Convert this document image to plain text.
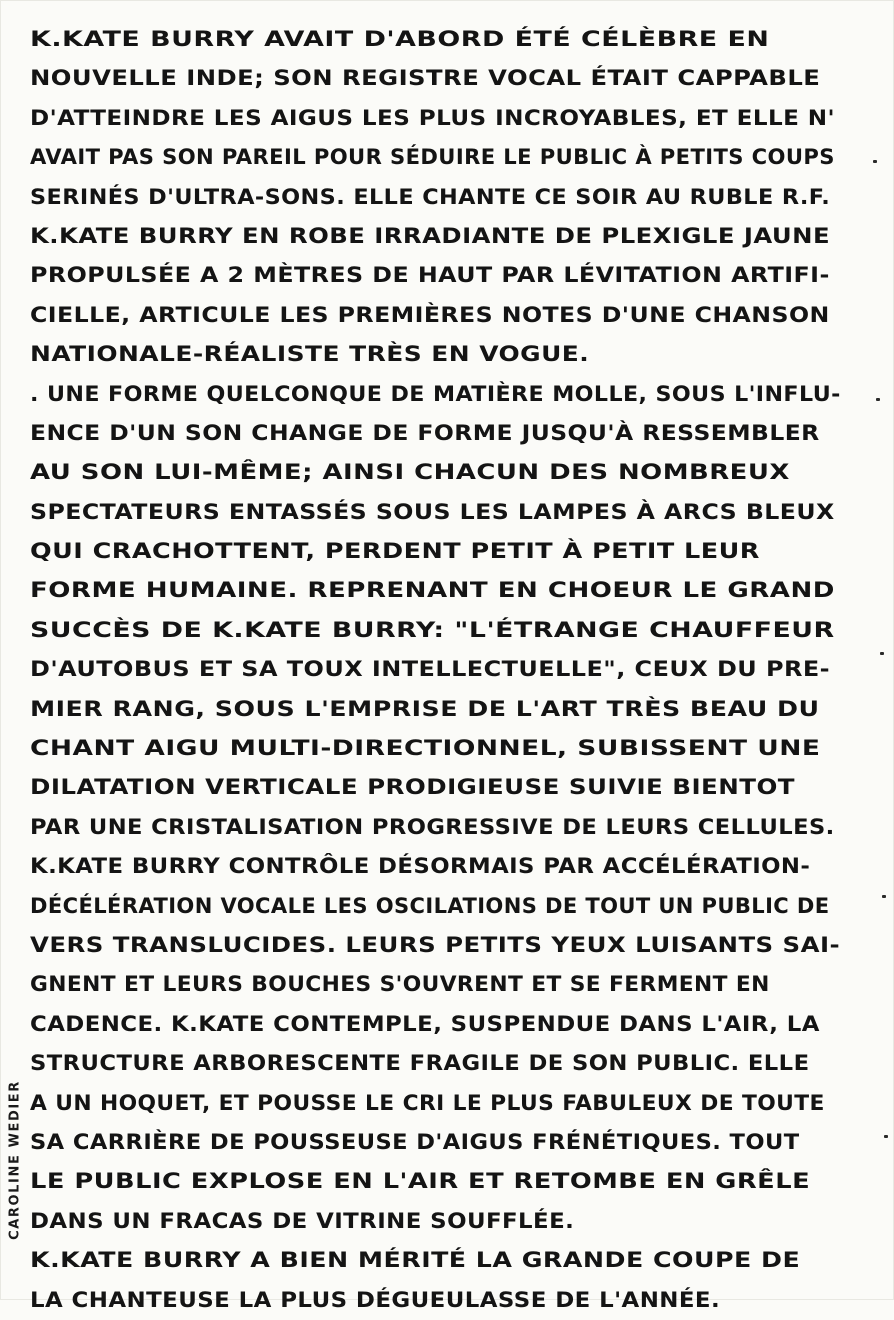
K.KATE BURRY AVAIT D'ABORD ÉTÉ CÉLÈBRE EN
NOUVELLE INDE; SON REGISTRE VOCAL ÉTAIT CAPPABLE
D'ATTEINDRE LES AIGUS LES PLUS INCROYABLES, ET ELLE N'
AVAIT PAS SON PAREIL POUR SÉDUIRE LE PUBLIC À PETITS COUPS
SERINÉS D'ULTRA-SONS. ELLE CHANTE CE SOIR AU RUBLE R.F.
K.KATE BURRY EN ROBE IRRADIANTE DE PLEXIGLE JAUNE
PROPULSÉE A 2 MÈTRES DE HAUT PAR LÉVITATION ARTIFI-
CIELLE, ARTICULE LES PREMIÈRES NOTES D'UNE CHANSON
NATIONALE-RÉALISTE TRÈS EN VOGUE.
. UNE FORME QUELCONQUE DE MATIÈRE MOLLE, SOUS L'INFLU-
ENCE D'UN SON CHANGE DE FORME JUSQU'À RESSEMBLER
AU SON LUI-MÊME; AINSI CHACUN DES NOMBREUX
SPECTATEURS ENTASSÉS SOUS LES LAMPES À ARCS BLEUX
QUI CRACHOTTENT, PERDENT PETIT À PETIT LEUR
FORME HUMAINE. REPRENANT EN CHOEUR LE GRAND
SUCCÈS DE K.KATE BURRY: "L'ÉTRANGE CHAUFFEUR
D'AUTOBUS ET SA TOUX INTELLECTUELLE", CEUX DU PRE-
MIER RANG, SOUS L'EMPRISE DE L'ART TRÈS BEAU DU
CHANT AIGU MULTI-DIRECTIONNEL, SUBISSENT UNE
DILATATION VERTICALE PRODIGIEUSE SUIVIE BIENTOT
PAR UNE CRISTALISATION PROGRESSIVE DE LEURS CELLULES.
K.KATE BURRY CONTRÔLE DÉSORMAIS PAR ACCÉLÉRATION-
DÉCÉLÉRATION VOCALE LES OSCILATIONS DE TOUT UN PUBLIC DE
VERS TRANSLUCIDES. LEURS PETITS YEUX LUISANTS SAI-
GNENT ET LEURS BOUCHES S'OUVRENT ET SE FERMENT EN
CADENCE. K.KATE CONTEMPLE, SUSPENDUE DANS L'AIR, LA
STRUCTURE ARBORESCENTE FRAGILE DE SON PUBLIC. ELLE
A UN HOQUET, ET POUSSE LE CRI LE PLUS FABULEUX DE TOUTE
SA CARRIÈRE DE POUSSEUSE D'AIGUS FRÉNÉTIQUES. TOUT
LE PUBLIC EXPLOSE EN L'AIR ET RETOMBE EN GRÊLE
DANS UN FRACAS DE VITRINE SOUFFLÉE.
K.KATE BURRY A BIEN MÉRITÉ LA GRANDE COUPE DE
LA CHANTEUSE LA PLUS DÉGUEULASSE DE L'ANNÉE.
CAROLINE WEDIER
